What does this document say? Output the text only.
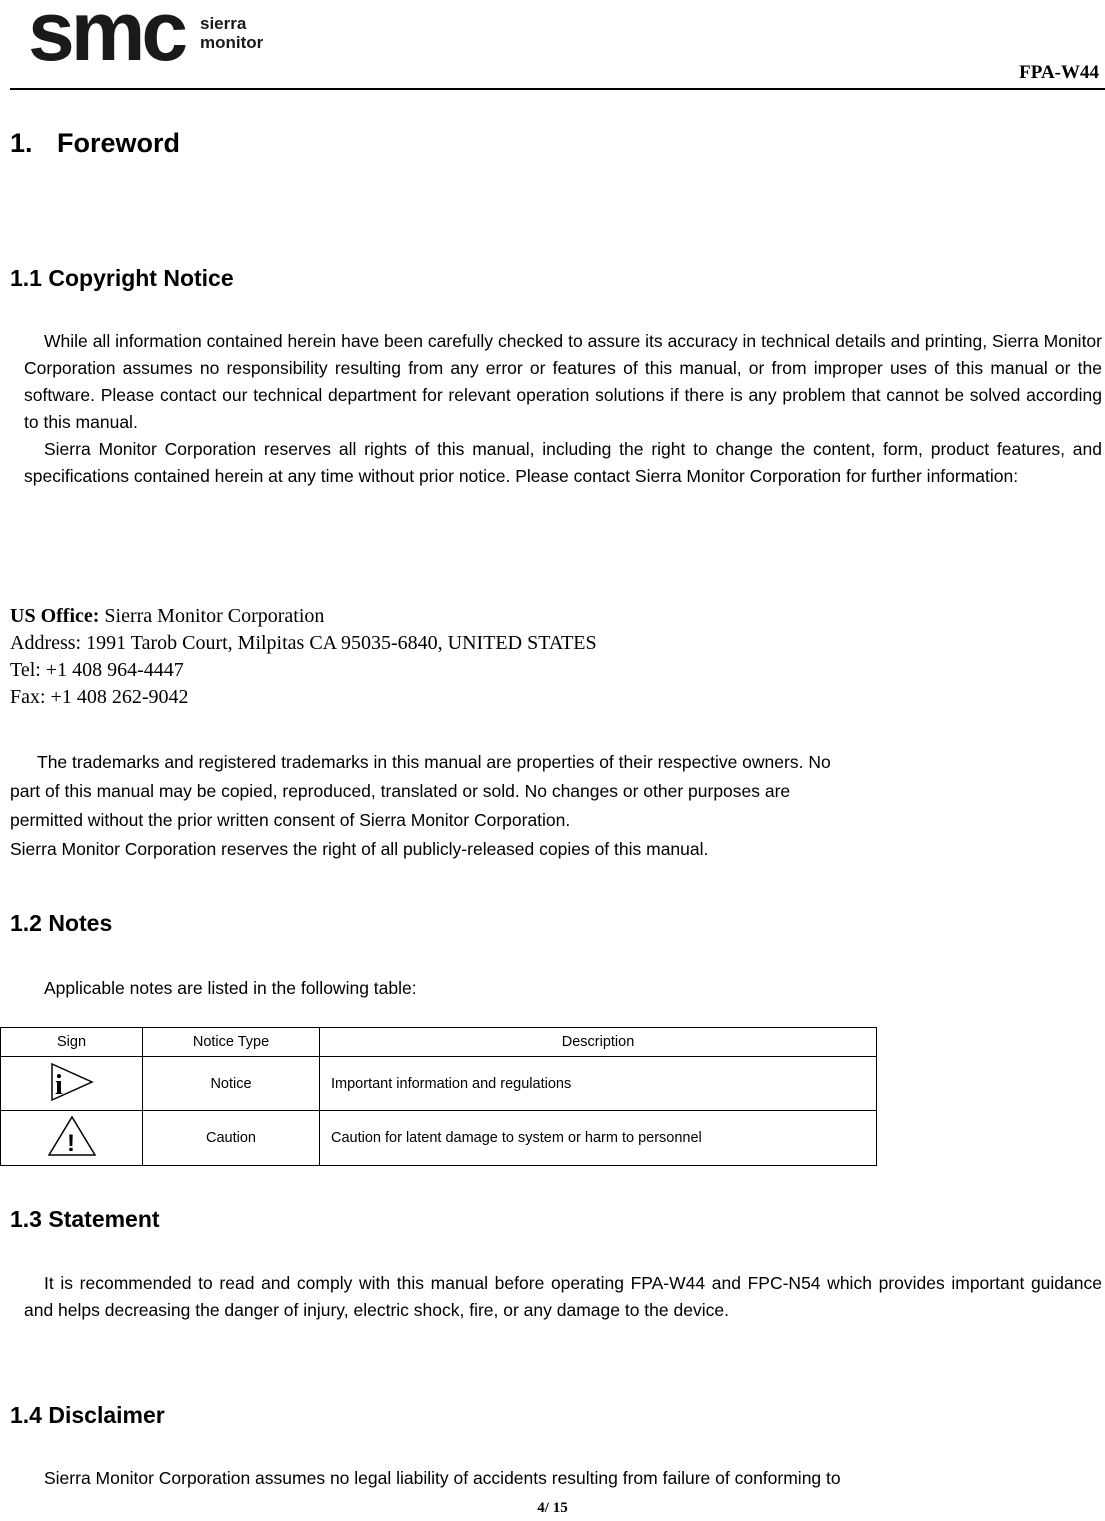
smc sierra
monitor
FPA-W44
1. Foreword
1.1 Copyright Notice

While all information contained herein have been carefully checked to assure its accuracy in technical details and printing, Sierra Monitor Corporation assumes no responsibility resulting from any error or features of this manual, or from improper uses of this manual or the software. Please contact our technical department for relevant operation solutions if there is any problem that cannot be solved according to this manual.

Sierra Monitor Corporation reserves all rights of this manual, including the right to change the content, form, product features, and specifications contained herein at any time without prior notice. Please contact Sierra Monitor Corporation for further information:

US Office: Sierra Monitor Corporation
Address: 1991 Tarob Court, Milpitas CA 95035-6840, UNITED STATES
Tel: +1 408 964-4447
Fax: +1 408 262-9042
The trademarks and registered trademarks in this manual are properties of their respective owners. No
part of this manual may be copied, reproduced, translated or sold. No changes or other purposes are
permitted without the prior written consent of Sierra Monitor Corporation.
Sierra Monitor Corporation reserves the right of all publicly-released copies of this manual.
1.2 Notes

Applicable notes are listed in the following table:

Sign	Notice Type	Description

i	Notice	Important information and regulations

!	Caution	Caution for latent damage to system or harm to personnel
1.3 Statement

It is recommended to read and comply with this manual before operating FPA-W44 and FPC-N54 which provides important guidance and helps decreasing the danger of injury, electric shock, fire, or any damage to the device.

1.4 Disclaimer

Sierra Monitor Corporation assumes no legal liability of accidents resulting from failure of conforming to

4/ 15
